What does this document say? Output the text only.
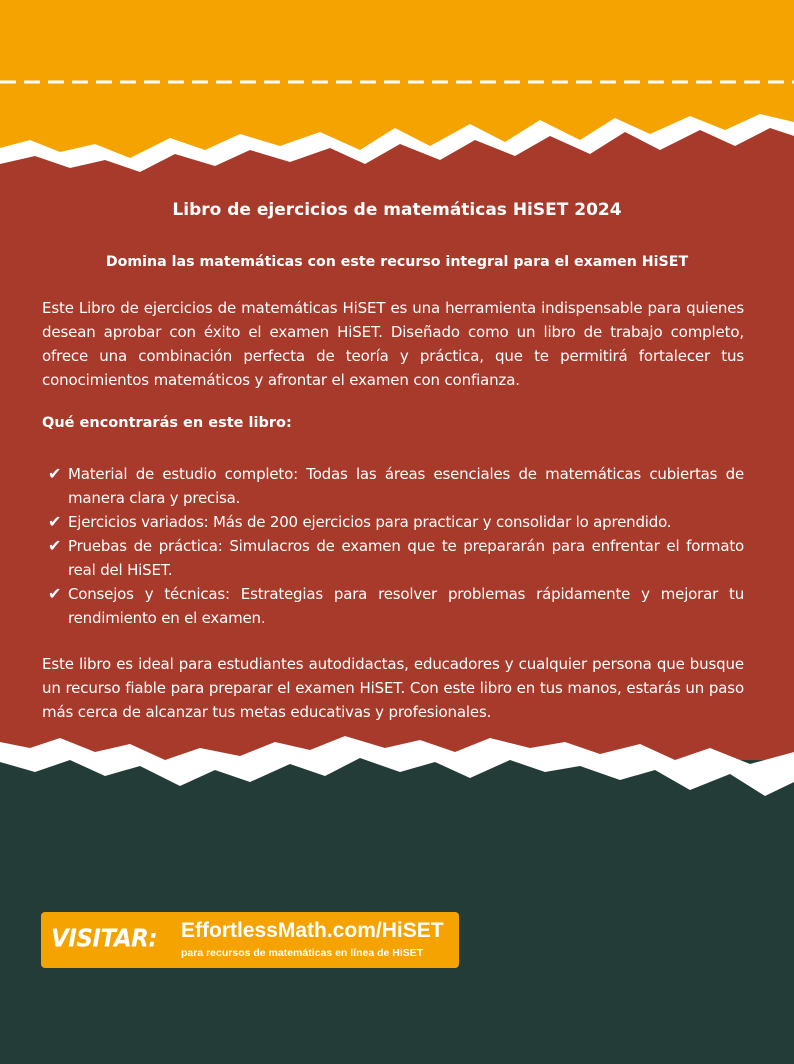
Libro de ejercicios de matemáticas HiSET 2024
Domina las matemáticas con este recurso integral para el examen HiSET

Este Libro de ejercicios de matemáticas HiSET es una herramienta indispensable para quienes desean aprobar con éxito el examen HiSET. Diseñado como un libro de trabajo completo, ofrece una combinación perfecta de teoría y práctica, que te permitirá fortalecer tus conocimientos matemáticos y afrontar el examen con confianza.

Qué encontrarás en este libro:
✔ Material de estudio completo: Todas las áreas esenciales de matemáticas cubiertas de manera clara y precisa.
✔ Ejercicios variados: Más de 200 ejercicios para practicar y consolidar lo aprendido.
✔ Pruebas de práctica: Simulacros de examen que te prepararán para enfrentar el formato real del HiSET.
✔ Consejos y técnicas: Estrategias para resolver problemas rápidamente y mejorar tu rendimiento en el examen.

Este libro es ideal para estudiantes autodidactas, educadores y cualquier persona que busque un recurso fiable para preparar el examen HiSET. Con este libro en tus manos, estarás un paso más cerca de alcanzar tus metas educativas y profesionales.

VISITAR: EffortlessMath.com/HiSET
para recursos de matemáticas en línea de HiSET
